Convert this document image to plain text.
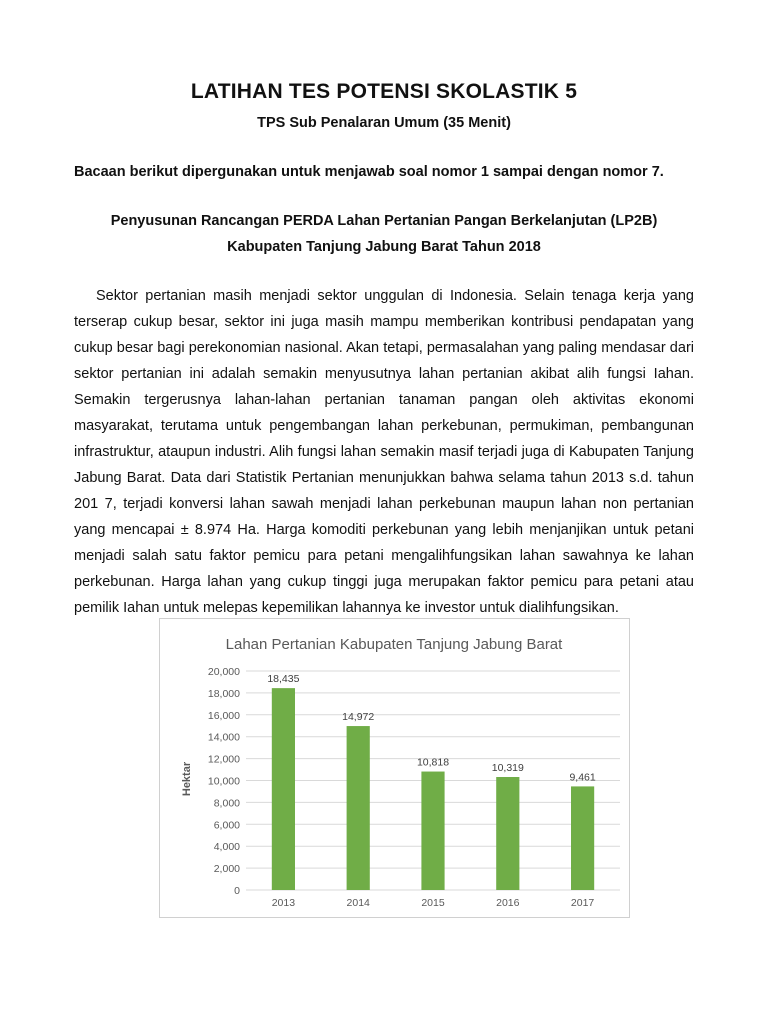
LATIHAN TES POTENSI SKOLASTIK 5
TPS Sub Penalaran Umum (35 Menit)
Bacaan berikut dipergunakan untuk menjawab soal nomor 1 sampai dengan nomor 7.
Penyusunan Rancangan PERDA Lahan Pertanian Pangan Berkelanjutan (LP2B) Kabupaten Tanjung Jabung Barat Tahun 2018

Sektor pertanian masih menjadi sektor unggulan di Indonesia. Selain tenaga kerja yang terserap cukup besar, sektor ini juga masih mampu memberikan kontribusi pendapatan yang cukup besar bagi perekonomian nasional. Akan tetapi, permasalahan yang paling mendasar dari sektor pertanian ini adalah semakin menyusutnya lahan pertanian akibat alih fungsi Iahan. Semakin tergerusnya lahan-lahan pertanian tanaman pangan oleh aktivitas ekonomi masyarakat, terutama untuk pengembangan lahan perkebunan, permukiman, pembangunan infrastruktur, ataupun industri. Alih fungsi lahan semakin masif terjadi juga di Kabupaten Tanjung Jabung Barat. Data dari Statistik Pertanian menunjukkan bahwa selama tahun 2013 s.d. tahun 201 7, terjadi konversi lahan sawah menjadi lahan perkebunan maupun lahan non pertanian yang mencapai ± 8.974 Ha. Harga komoditi perkebunan yang lebih menjanjikan untuk petani menjadi salah satu faktor pemicu para petani mengalihfungsikan lahan sawahnya ke lahan perkebunan. Harga lahan yang cukup tinggi juga merupakan faktor pemicu para petani atau pemilik Iahan untuk melepas kepemilikan lahannya ke investor untuk dialihfungsikan.

Lahan Pertanian Kabupaten Tanjung Jabung Barat
Hektar
0
2,000
4,000
6,000
8,000
10,000
12,000
14,000
16,000
18,000
20,000
18,435
2013
14,972
2014
10,818
2015
10,319
2016
9,461
2017
